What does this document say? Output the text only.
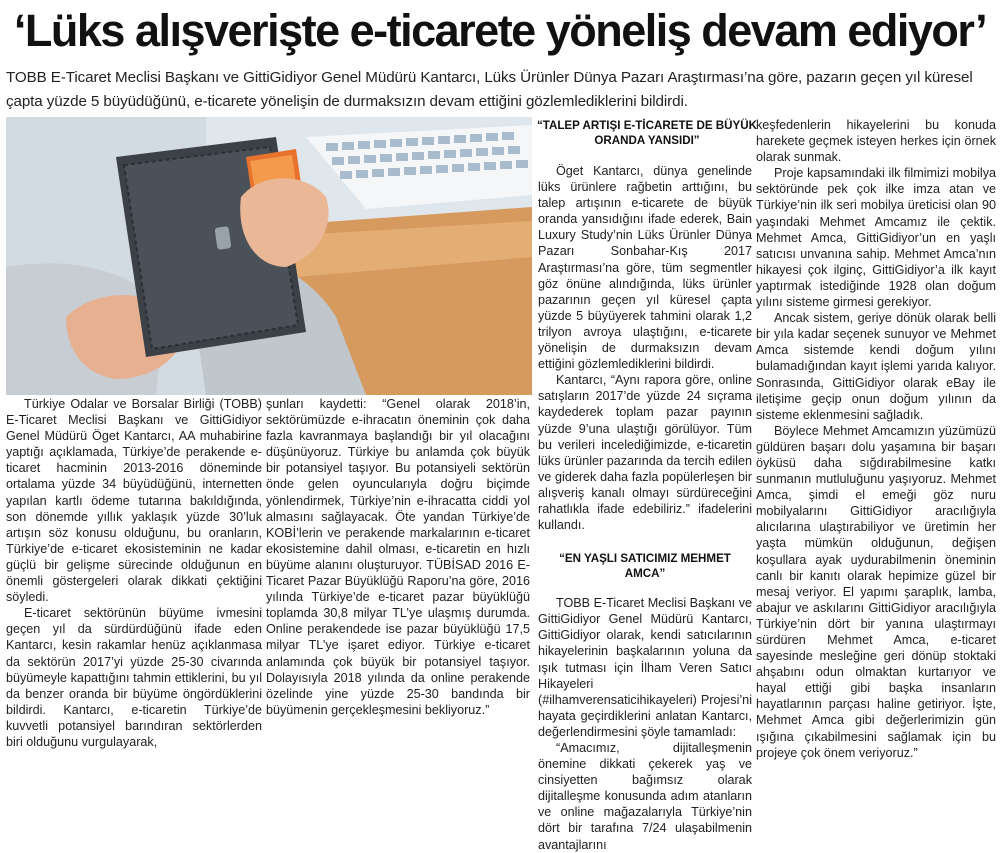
‘Lüks alışverişte e-ticarete yöneliş devam ediyor’
TOBB E-Ticaret Meclisi Başkanı ve GittiGidiyor Genel Müdürü Kantarcı, Lüks Ürünler Dünya Pazarı Araştırması’na göre, pazarın geçen yıl küresel çapta yüzde 5 büyüdüğünü, e-ticarete yönelişin de durmaksızın devam ettiğini gözlemlediklerini bildirdi.

Türkiye Odalar ve Borsalar Birliği (TOBB) E-Ticaret Meclisi Başkanı ve GittiGidiyor Genel Müdürü Öget Kantarcı, AA muhabirine yaptığı açıklamada, Türkiye’de perakende e-ticaret hacminin 2013-2016 döneminde ortalama yüzde 34 büyüdüğünü, internetten yapılan kartlı ödeme tutarına bakıldığında, son dönemde yıllık yaklaşık yüzde 30’luk artışın söz konusu olduğunu, bu oranların, Türkiye’de e-ticaret ekosisteminin ne kadar güçlü bir gelişme sürecinde olduğunun en önemli göstergeleri olarak dikkati çektiğini söyledi.

E-ticaret sektörünün büyüme ivmesini geçen yıl da sürdürdüğünü ifade eden Kantarcı, kesin rakamlar henüz açıklanmasa da sektörün 2017’yi yüzde 25-30 civarında büyümeyle kapattığını tahmin ettiklerini, bu yıl da benzer oranda bir büyüme öngördüklerini bildirdi. Kantarcı, e-ticaretin Türkiye’de kuvvetli potansiyel barındıran sektörlerden biri olduğunu vurgulayarak,

şunları kaydetti: “Genel olarak 2018’in, sektörümüzde e-ihracatın öneminin çok daha fazla kavranmaya başlandığı bir yıl olacağını düşünüyoruz. Türkiye bu anlamda çok büyük bir potansiyel taşıyor. Bu potansiyeli sektörün önde gelen oyuncularıyla doğru biçimde yönlendirmek, Türkiye’nin e-ihracatta ciddi yol almasını sağlayacak. Öte yandan Türkiye’de KOBİ’lerin ve perakende markalarının e-ticaret ekosistemine dahil olması, e-ticaretin en hızlı büyüme alanını oluşturuyor. TÜBİSAD 2016 E-Ticaret Pazar Büyüklüğü Raporu’na göre, 2016 yılında Türkiye’de e-ticaret pazar büyüklüğü toplamda 30,8 milyar TL’ye ulaşmış durumda. Online perakendede ise pazar büyüklüğü 17,5 milyar TL’ye işaret ediyor. Türkiye e-ticaret anlamında çok büyük bir potansiyel taşıyor. Dolayısıyla 2018 yılında da online perakende özelinde yine yüzde 25-30 bandında bir büyümenin gerçekleşmesini bekliyoruz.”

“TALEP ARTIŞI E-TİCARETE DE BÜYÜK ORANDA YANSIDI”

Öget Kantarcı, dünya genelinde lüks ürünlere rağbetin arttığını, bu talep artışının e-ticarete de büyük oranda yansıdığını ifade ederek, Bain Luxury Study’nin Lüks Ürünler Dünya Pazarı Sonbahar-Kış 2017 Araştırması’na göre, tüm segmentler göz önüne alındığında, lüks ürünler pazarının geçen yıl küresel çapta yüzde 5 büyüyerek tahmini olarak 1,2 trilyon avroya ulaştığını, e-ticarete yönelişin de durmaksızın devam ettiğini gözlemlediklerini bildirdi.

Kantarcı, “Aynı rapora göre, online satışların 2017’de yüzde 24 sıçrama kaydederek toplam pazar payının yüzde 9’una ulaştığı görülüyor. Tüm bu verileri incelediğimizde, e-ticaretin lüks ürünler pazarında da tercih edilen ve giderek daha fazla popülerleşen bir alışveriş kanalı olmayı sürdüreceğini rahatlıkla ifade edebiliriz.” ifadelerini kullandı.

“EN YAŞLI SATICIMIZ MEHMET AMCA”

TOBB E-Ticaret Meclisi Başkanı ve GittiGidiyor Genel Müdürü Kantarcı, GittiGidiyor olarak, kendi satıcılarının hikayelerinin başkalarının yoluna da ışık tutması için İlham Veren Satıcı Hikayeleri (#ilhamverensaticihikayeleri) Projesi’ni hayata geçirdiklerini anlatan Kantarcı, değerlendirmesini şöyle tamamladı:

“Amacımız, dijitalleşmenin önemine dikkati çekerek yaş ve cinsiyetten bağımsız olarak dijitalleşme konusunda adım atanların ve online mağazalarıyla Türkiye’nin dört bir tarafına 7/24 ulaşabilmenin avantajlarını

keşfedenlerin hikayelerini bu konuda harekete geçmek isteyen herkes için örnek olarak sunmak.

Proje kapsamındaki ilk filmimizi mobilya sektöründe pek çok ilke imza atan ve Türkiye’nin ilk seri mobilya üreticisi olan 90 yaşındaki Mehmet Amcamız ile çektik. Mehmet Amca, GittiGidiyor’un en yaşlı satıcısı unvanına sahip. Mehmet Amca’nın hikayesi çok ilginç, GittiGidiyor’a ilk kayıt yaptırmak istediğinde 1928 olan doğum yılını sisteme girmesi gerekiyor.

Ancak sistem, geriye dönük olarak belli bir yıla kadar seçenek sunuyor ve Mehmet Amca sistemde kendi doğum yılını bulamadığından kayıt işlemi yarıda kalıyor. Sonrasında, GittiGidiyor olarak eBay ile iletişime geçip onun doğum yılının da sisteme eklenmesini sağladık.

Böylece Mehmet Amcamızın yüzümüzü güldüren başarı dolu yaşamına bir başarı öyküsü daha sığdırabilmesine katkı sunmanın mutluluğunu yaşıyoruz. Mehmet Amca, şimdi el emeği göz nuru mobilyalarını GittiGidiyor aracılığıyla alıcılarına ulaştırabiliyor ve üretimin her yaşta mümkün olduğunun, değişen koşullara ayak uydurabilmenin öneminin canlı bir kanıtı olarak hepimize güzel bir mesaj veriyor. El yapımı şaraplık, lamba, abajur ve askılarını GittiGidiyor aracılığıyla Türkiye’nin dört bir yanına ulaştırmayı sürdüren Mehmet Amca, e-ticaret sayesinde mesleğine geri dönüp stoktaki ahşabını odun olmaktan kurtarıyor ve hayal ettiği gibi başka insanların hayatlarının parçası haline getiriyor. İşte, Mehmet Amca gibi değerlerimizin gün ışığına çıkabilmesini sağlamak için bu projeye çok önem veriyoruz.”
